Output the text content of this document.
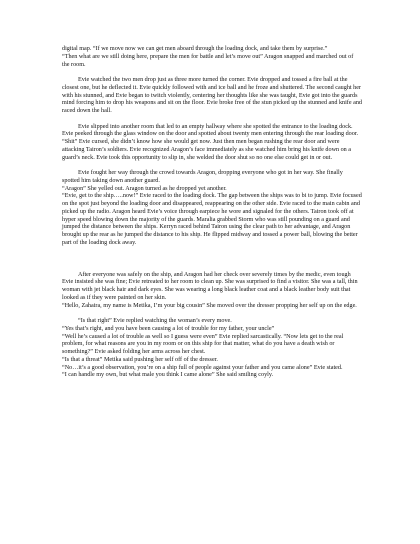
digital map. “If we move now we can get men aboard through the loading dock, and take them by surprise.”

“Then what are we still doing here, prepare the men for battle and let’s move out” Aragon snapped and marched out of the room.

Evie watched the two men drop just as three more turned the corner. Evie dropped and tossed a fire ball at the closest one, but he deflected it. Evie quickly followed with and ice ball and he froze and shuttered. The second caught her with his stunned, and Evie began to twitch violently, centering her thoughts like she was taught, Evie got into the guards mind forcing him to drop his weapons and sit on the floor. Evie broke free of the stun picked up the stunned and knife and raced down the hall.

Evie slipped into another room that led to an empty hallway where she spotted the entrance to the loading dock. Evie peeked through the glass window on the door and spotted about twenty men entering through the rear loading door. “Shit” Evie cursed, she didn’t know how she would get now. Just then men began rushing the rear door and were attacking Tairon’s soldiers. Evie recognized Aragon’s face immediately as she watched him bring his knife down on a guard’s neck. Evie took this opportunity to slip in, she welded the door shut so no one else could get in or out.

Evie fought her way through the crowd towards Aragon, dropping everyone who got in her way. She finally spotted him taking down another guard.

“Aragon” She yelled out. Aragon turned as he dropped yet another.

“Evie, get to the ship…..now!” Evie raced to the loading dock. The gap between the ships was to bi to jump. Evie focused on the spot just beyond the loading door and disappeared, reappearing on the other side. Evie raced to the main cabin and picked up the radio. Aragon heard Evie’s voice through earpiece he wore and signaled for the others. Tairon took off at hyper speed blowing down the majority of the guards. Maralia grabbed Storm who was still pounding on a guard and jumped the distance between the ships. Kerryn raced behind Tairon using the clear path to her advantage, and Aragon brought up the rear as he jumped the distance to his ship. He flipped midway and tossed a power ball, blowing the better part of the loading dock away.

After everyone was safely on the ship, and Aragon had her check over severely times by the medic, even tough Evie insisted she was fine; Evie retreated to her room to clean up. She was surprised to find a visitor. She was a tall, thin woman with jet black hair and dark eyes. She was wearing a long black leather coat and a black leather body suit that looked as if they were painted on her skin.

“Hello, Zahaira, my name is Metika, I’m your big cousin” She moved over the dresser propping her self up on the edge.

“Is that right” Evie replied watching the woman’s every move.

“Yes that’s right, and you have been causing a lot of trouble for my father, your uncle”

“Well he’s caused a lot of trouble as well so I guess were even” Evie replied sarcastically. “Now lets get to the real problem, for what reasons are you in my room or on this ship for that matter, what do you have a death wish or something?” Evie asked folding her arms across her chest.

“Is that a threat” Metika said pushing her self off of the dresser.

“No…it’s a good observation, you’re on a ship full of people against your father and you came alone” Evie stated.

“I can handle my own, but what male you think I came alone” She said smiling coyly.
